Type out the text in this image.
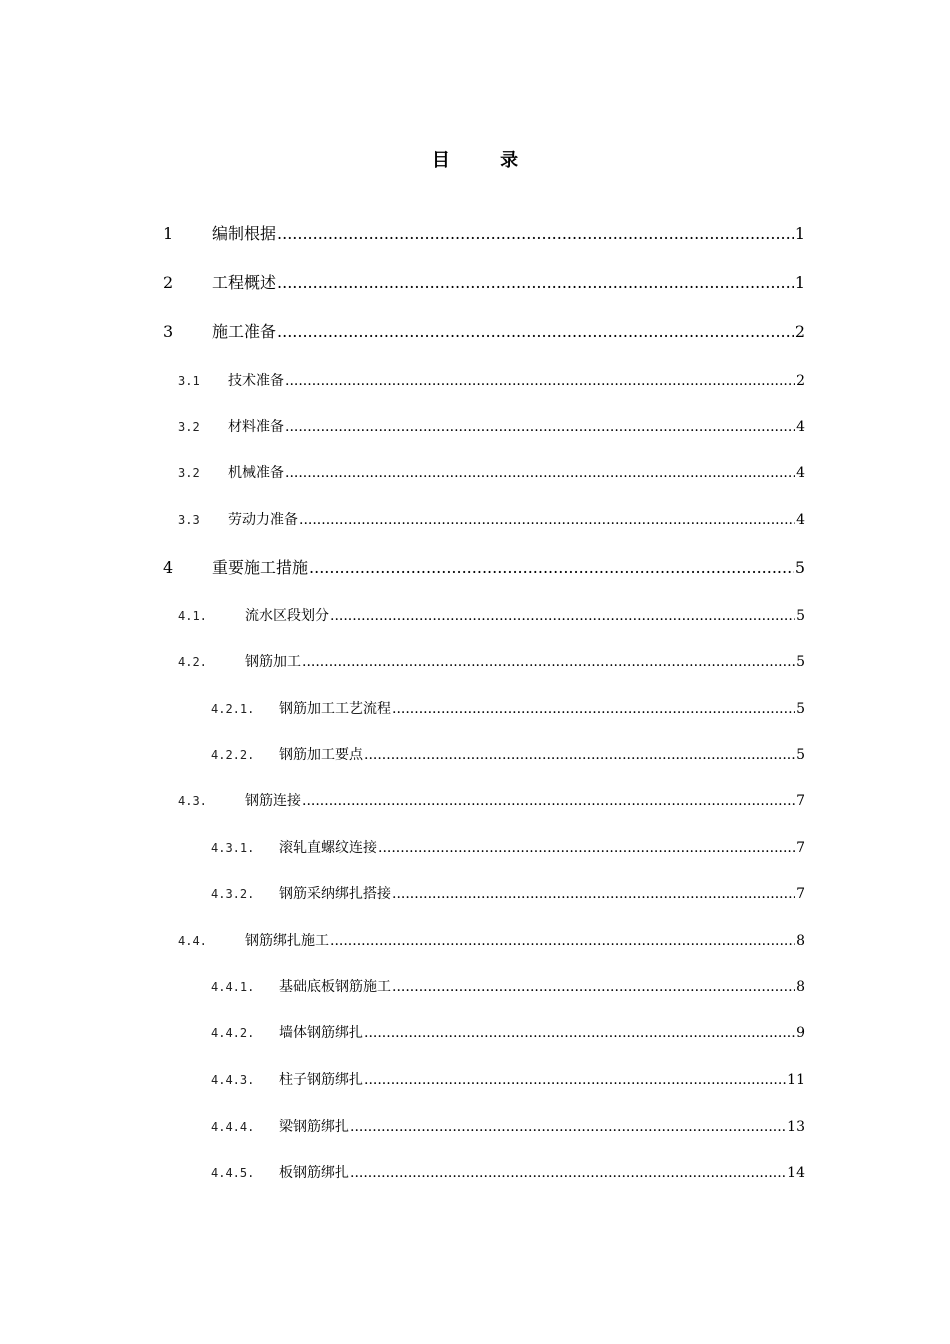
目 录
1	编制根据 .....	1
2	工程概述 .....	1
3	施工准备 .....	2
3.1	技术准备 .....	2
3.2	材料准备 .....	4
3.2	机械准备 .....	4
3.3	劳动力准备 .....	4
4	重要施工措施 .....	5
4.1.	流水区段划分 .....	5
4.2.	钢筋加工 .....	5
4.2.1.	钢筋加工工艺流程 .....	5
4.2.2.	钢筋加工要点 .....	5
4.3.	钢筋连接 .....	7
4.3.1.	滚轧直螺纹连接 .....	7
4.3.2.	钢筋采纳绑扎搭接 .....	7
4.4.	钢筋绑扎施工 .....	8
4.4.1.	基础底板钢筋施工 .....	8
4.4.2.	墙体钢筋绑扎 .....	9
4.4.3.	柱子钢筋绑扎 .....	11
4.4.4.	梁钢筋绑扎 .....	13
4.4.5.	板钢筋绑扎 .....	14
